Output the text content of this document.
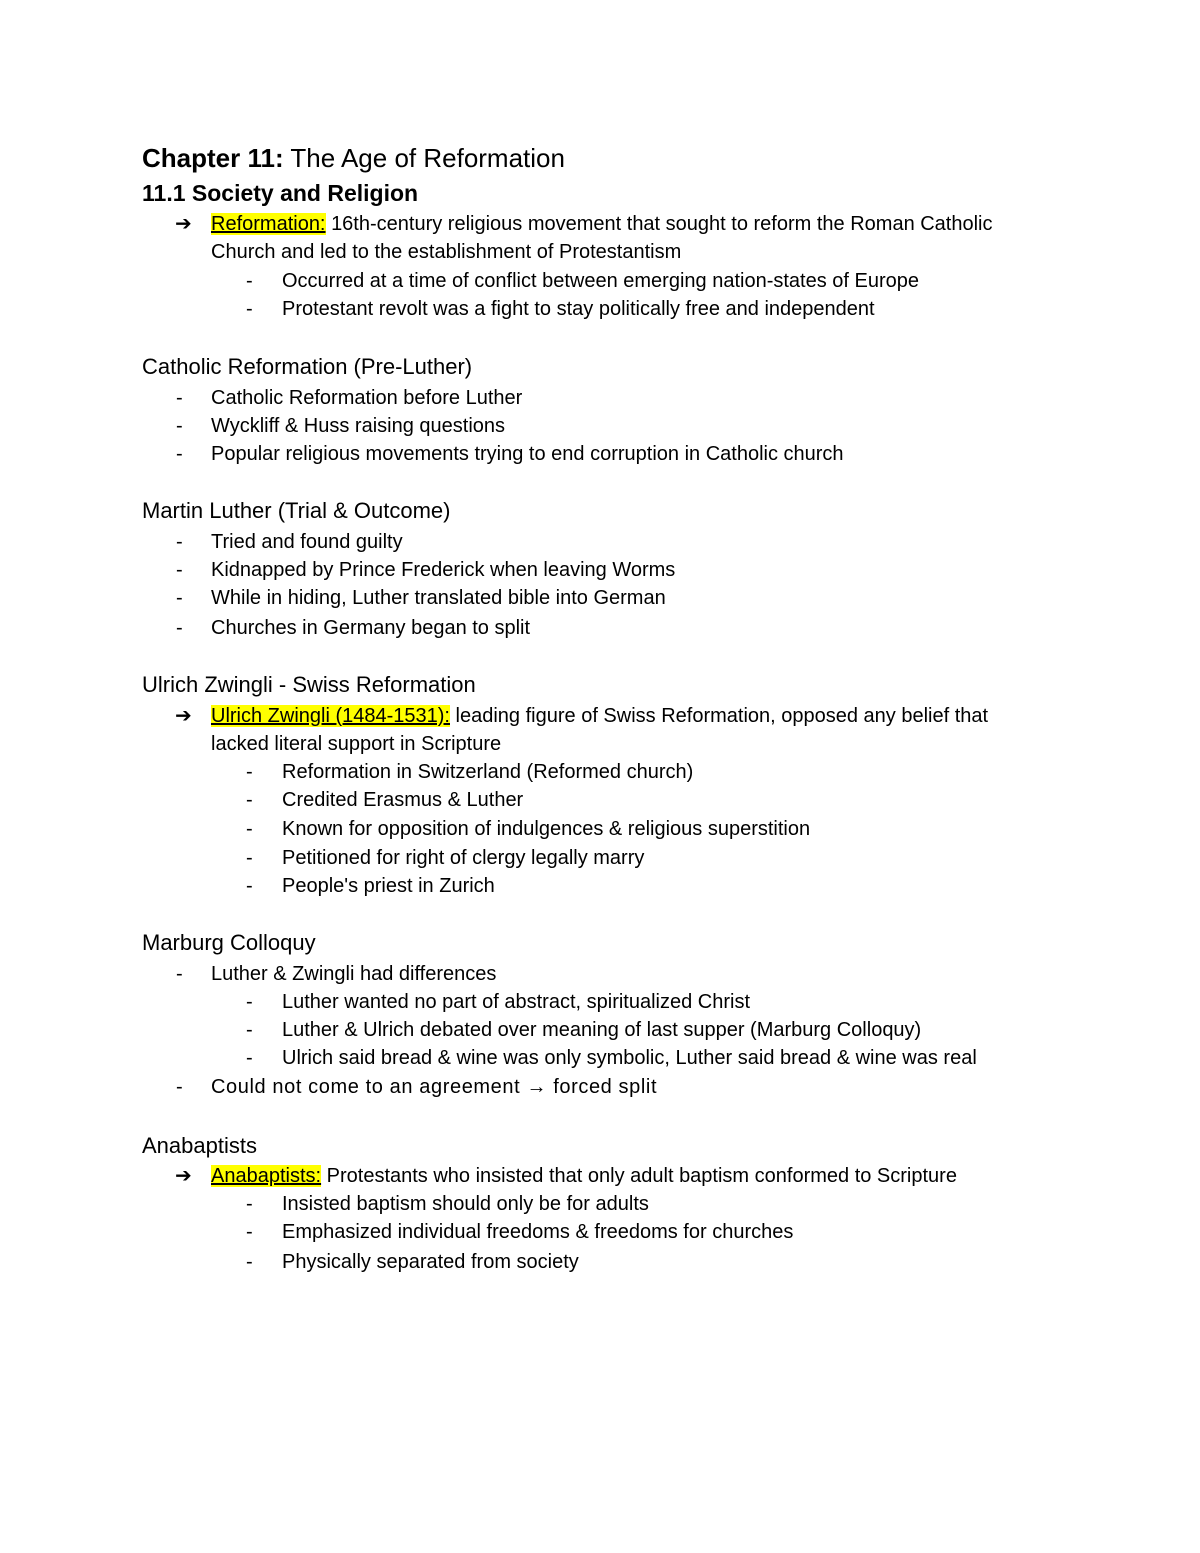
Chapter 11: The Age of Reformation
11.1 Society and Religion
➔ Reformation: 16th-century religious movement that sought to reform the Roman Catholic
Church and led to the establishment of Protestantism
- Occurred at a time of conflict between emerging nation-states of Europe
- Protestant revolt was a fight to stay politically free and independent
Catholic Reformation (Pre-Luther)
- Catholic Reformation before Luther
- Wyckliff & Huss raising questions
- Popular religious movements trying to end corruption in Catholic church
Martin Luther (Trial & Outcome)
- Tried and found guilty
- Kidnapped by Prince Frederick when leaving Worms
- While in hiding, Luther translated bible into German
- Churches in Germany began to split
Ulrich Zwingli - Swiss Reformation
➔ Ulrich Zwingli (1484-1531): leading figure of Swiss Reformation, opposed any belief that
lacked literal support in Scripture
- Reformation in Switzerland (Reformed church)
- Credited Erasmus & Luther
- Known for opposition of indulgences & religious superstition
- Petitioned for right of clergy legally marry
- People's priest in Zurich
Marburg Colloquy
- Luther & Zwingli had differences
- Luther wanted no part of abstract, spiritualized Christ
- Luther & Ulrich debated over meaning of last supper (Marburg Colloquy)
- Ulrich said bread & wine was only symbolic, Luther said bread & wine was real
- Could not come to an agreement → forced split
Anabaptists
➔ Anabaptists: Protestants who insisted that only adult baptism conformed to Scripture
- Insisted baptism should only be for adults
- Emphasized individual freedoms & freedoms for churches
- Physically separated from society
